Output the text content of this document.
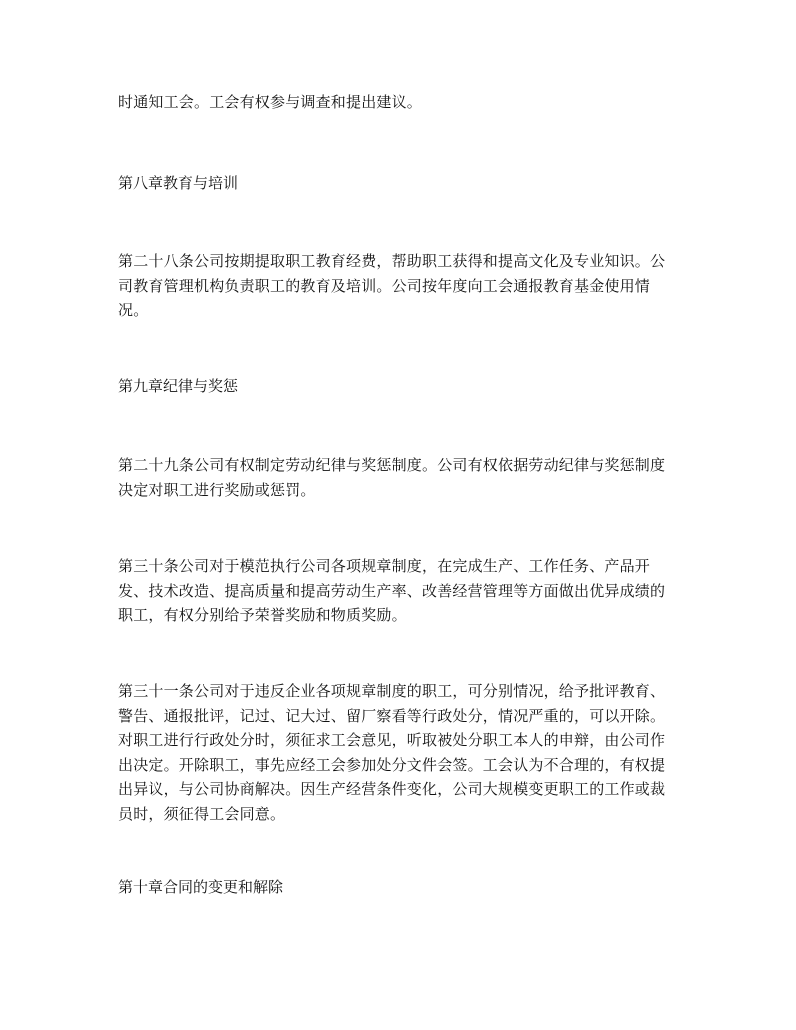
时通知工会。工会有权参与调查和提出建议。

第八章教育与培训

第二十八条公司按期提取职工教育经费，帮助职工获得和提高文化及专业知识。公
司教育管理机构负责职工的教育及培训。公司按年度向工会通报教育基金使用情
况。

第九章纪律与奖惩

第二十九条公司有权制定劳动纪律与奖惩制度。公司有权依据劳动纪律与奖惩制度
决定对职工进行奖励或惩罚。

第三十条公司对于模范执行公司各项规章制度，在完成生产、工作任务、产品开
发、技术改造、提高质量和提高劳动生产率、改善经营管理等方面做出优异成绩的
职工，有权分别给予荣誉奖励和物质奖励。

第三十一条公司对于违反企业各项规章制度的职工，可分别情况，给予批评教育、
警告、通报批评，记过、记大过、留厂察看等行政处分，情况严重的，可以开除。
对职工进行行政处分时，须征求工会意见，听取被处分职工本人的申辩，由公司作
出决定。开除职工，事先应经工会参加处分文件会签。工会认为不合理的，有权提
出异议，与公司协商解决。因生产经营条件变化，公司大规模变更职工的工作或裁
员时，须征得工会同意。

第十章合同的变更和解除
